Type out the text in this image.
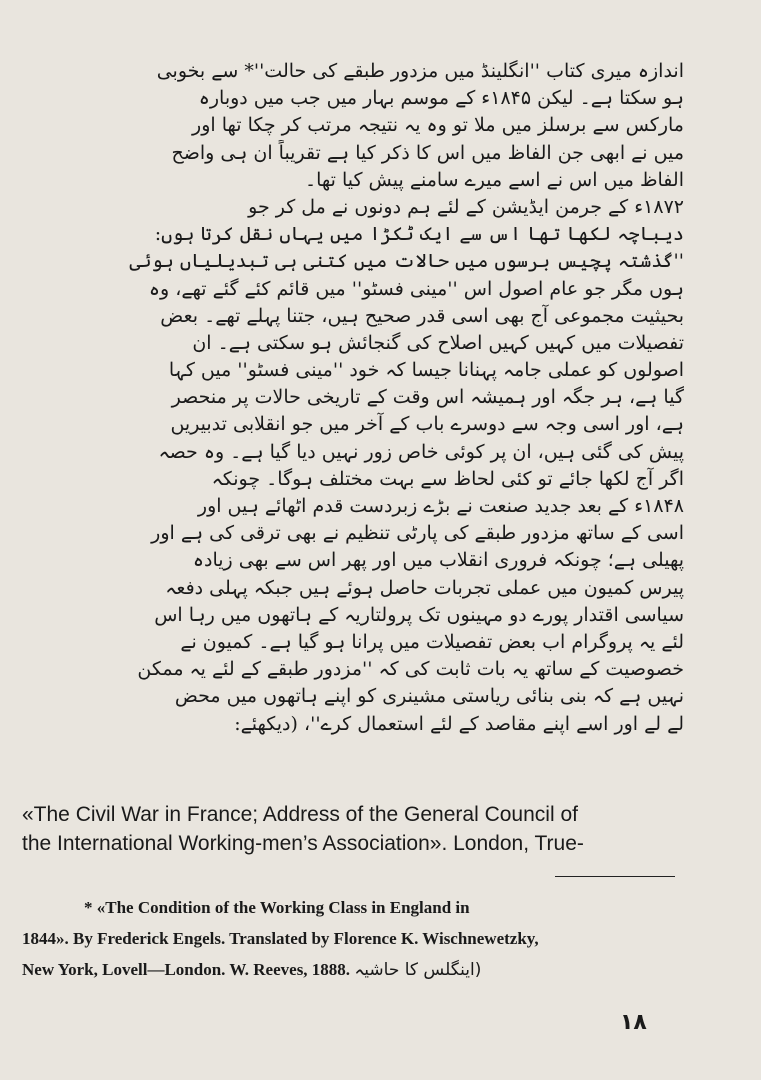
اندازہ میری کتاب ''انگلینڈ میں مزدور طبقے کی حالت''* سے بخوبی
ہو سکتا ہے۔ لیکن ۱۸۴۵ء کے موسم بہار میں جب میں دوبارہ
مارکس سے برسلز میں ملا تو وہ یہ نتیجہ مرتب کر چکا تھا اور
میں نے ابھی جن الفاظ میں اس کا ذکر کیا ہے تقریباً ان ہی واضح
الفاظ میں اس نے اسے میرے سامنے پیش کیا تھا۔
۱۸۷۲ء کے جرمن ایڈیشن کے لئے ہم دونوں نے مل کر جو
دیباچہ لکھا تھا اس سے ایک ٹکڑا میں یہاں نقل کرتا ہوں:
''گذشتہ پچیس برسوں میں حالات میں کتنی ہی تبدیلیاں ہوئی
ہوں مگر جو عام اصول اس ''مینی فسٹو'' میں قائم کئے گئے تھے، وہ
بحیثیت مجموعی آج بھی اسی قدر صحیح ہیں، جتنا پہلے تھے۔ بعض
تفصیلات میں کہیں کہیں اصلاح کی گنجائش ہو سکتی ہے۔ ان
اصولوں کو عملی جامہ پہنانا جیسا کہ خود ''مینی فسٹو'' میں کہا
گیا ہے، ہر جگہ اور ہمیشہ اس وقت کے تاریخی حالات پر منحصر
ہے، اور اسی وجہ سے دوسرے باب کے آخر میں جو انقلابی تدبیریں
پیش کی گئی ہیں، ان پر کوئی خاص زور نہیں دیا گیا ہے۔ وہ حصہ
اگر آج لکھا جائے تو کئی لحاظ سے بہت مختلف ہوگا۔ چونکہ
۱۸۴۸ء کے بعد جدید صنعت نے بڑے زبردست قدم اٹھائے ہیں اور
اسی کے ساتھ مزدور طبقے کی پارٹی تنظیم نے بھی ترقی کی ہے اور
پھیلی ہے؛ چونکہ فروری انقلاب میں اور پھر اس سے بھی زیادہ
پیرس کمیون میں عملی تجربات حاصل ہوئے ہیں جبکہ پہلی دفعہ
سیاسی اقتدار پورے دو مہینوں تک پرولتاریہ کے ہاتھوں میں رہا اس
لئے یہ پروگرام اب بعض تفصیلات میں پرانا ہو گیا ہے۔ کمیون نے
خصوصیت کے ساتھ یہ بات ثابت کی کہ ''مزدور طبقے کے لئے یہ ممکن
نہیں ہے کہ بنی بنائی ریاستی مشینری کو اپنے ہاتھوں میں محض
لے لے اور اسے اپنے مقاصد کے لئے استعمال کرے''، (دیکھئے:
«The Civil War in France; Address of the General Council of
the International Working-men’s Association». London, True-
* «The Condition of the Working Class in England in
1844». By Frederick Engels. Translated by Florence K. Wischnewetzky,
New York, Lovell—London. W. Reeves, 1888. (اینگلس کا حاشیہ
۱۸
